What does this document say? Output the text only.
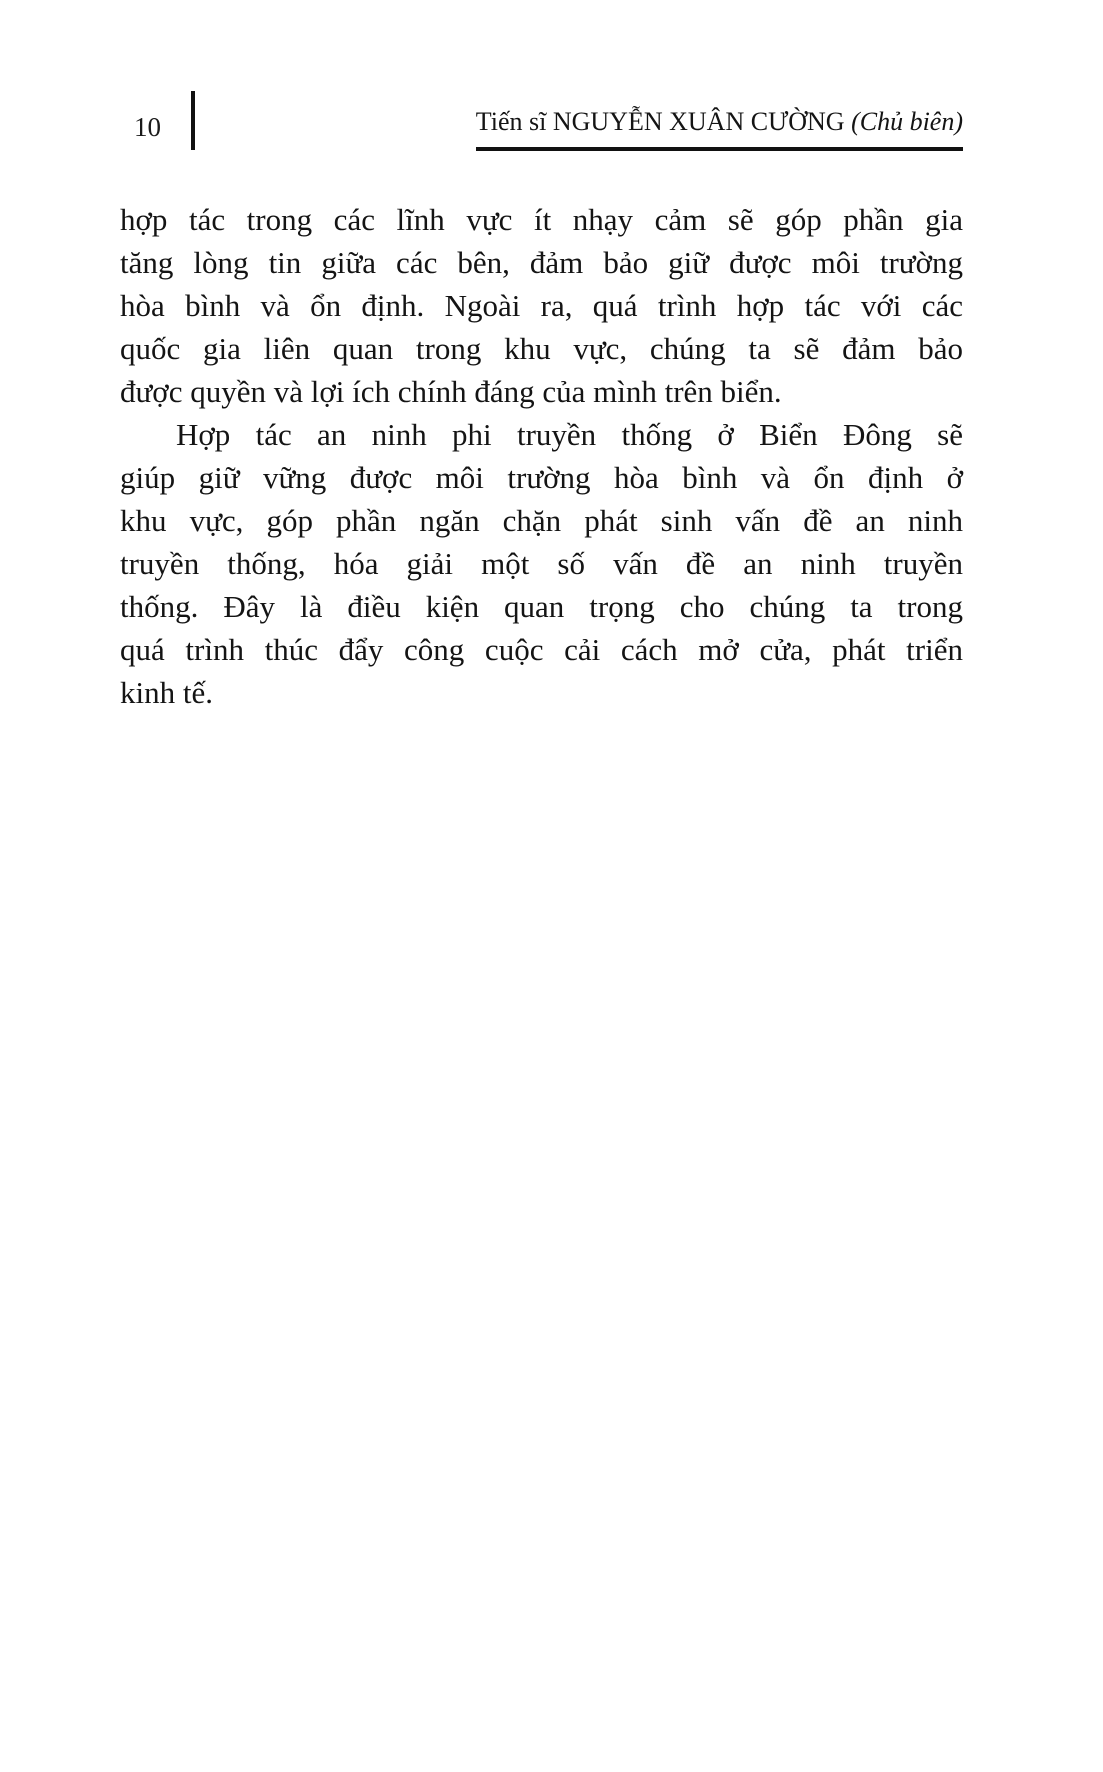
10	Tiến sĩ NGUYỄN XUÂN CƯỜNG (Chủ biên)
hợp tác trong các lĩnh vực ít nhạy cảm sẽ góp phần gia
tăng lòng tin giữa các bên, đảm bảo giữ được môi trường
hòa bình và ổn định. Ngoài ra, quá trình hợp tác với các
quốc gia liên quan trong khu vực, chúng ta sẽ đảm bảo
được quyền và lợi ích chính đáng của mình trên biển.
Hợp tác an ninh phi truyền thống ở Biển Đông sẽ
giúp giữ vững được môi trường hòa bình và ổn định ở
khu vực, góp phần ngăn chặn phát sinh vấn đề an ninh
truyền thống, hóa giải một số vấn đề an ninh truyền
thống. Đây là điều kiện quan trọng cho chúng ta trong
quá trình thúc đẩy công cuộc cải cách mở cửa, phát triển
kinh tế.
